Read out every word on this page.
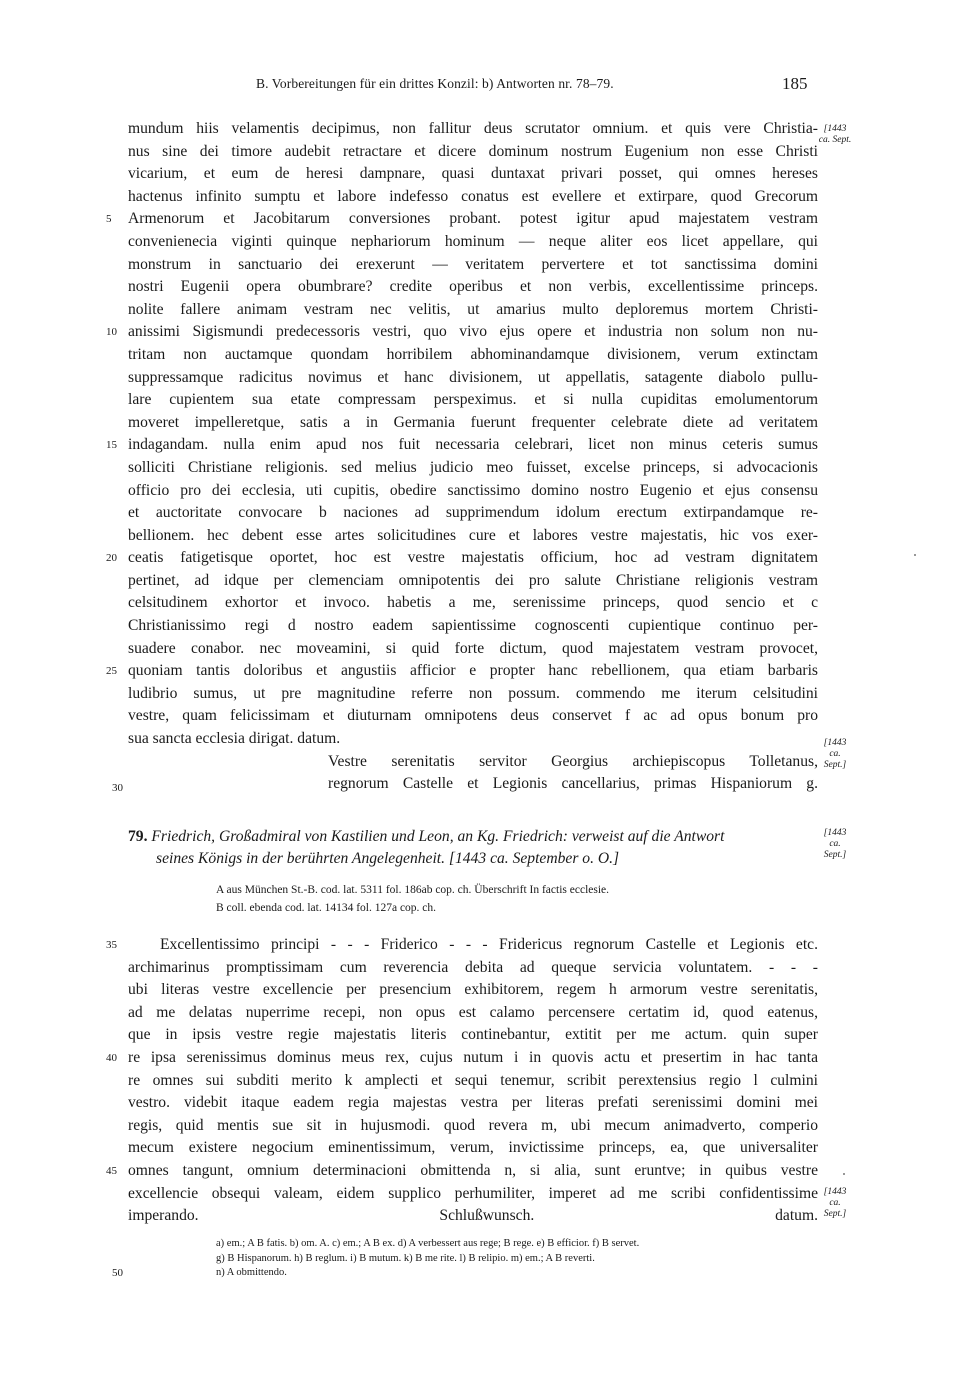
B. Vorbereitungen für ein drittes Konzil: b) Antworten nr. 78–79.	185
[1443 ca. Sept.
[1443 ca. Sept.]
[1443 ca. Sept.]
[1443 ca. Sept.]
mundum hiis velamentis decipimus, non fallitur deus scrutator omnium. et quis vere Christia-
nus sine dei timore audebit retractare et dicere dominum nostrum Eugenium non esse Christi
vicarium, et eum de heresi dampnare, quasi duntaxat privari posset, qui omnes hereses
hactenus infinito sumptu et labore indefesso conatus est evellere et extirpare, quod Grecorum
5 Armenorum et Jacobitarum conversiones probant. potest igitur apud majestatem vestram
convenienecia viginti quinque nephariorum hominum — neque aliter eos licet appellare, qui
monstrum in sanctuario dei erexerunt — veritatem pervertere et tot sanctissima domini
nostri Eugenii opera obumbrare? credite operibus et non verbis, excellentissime princeps.
nolite fallere animam vestram nec velitis, ut amarius multo deploremus mortem Christi-
10 anissimi Sigismundi predecessoris vestri, quo vivo ejus opere et industria non solum non nu-
tritam non auctamque quondam horribilem abhominandamque divisionem, verum extinctam
suppressamque radicitus novimus et hanc divisionem, ut appellatis, satagente diabolo pullu-
lare cupientem sua etate compressam perspeximus. et si nulla cupiditas emolumentorum
moveret impelleretque, satis a in Germania fuerunt frequenter celebrate diete ad veritatem
15 indagandam. nulla enim apud nos fuit necessaria celebrari, licet non minus ceteris sumus
solliciti Christiane religionis. sed melius judicio meo fuisset, excelse princeps, si advocacionis
officio pro dei ecclesia, uti cupitis, obedire sanctissimo domino nostro Eugenio et ejus consensu
et auctoritate convocare b naciones ad supprimendum idolum erectum extirpandamque re-
bellionem. hec debent esse artes solicitudines cure et labores vestre majestatis, hic vos exer-
20 ceatis fatigetisque oportet, hoc est vestre majestatis officium, hoc ad vestram dignitatem
pertinet, ad idque per clemenciam omnipotentis dei pro salute Christiane religionis vestram
celsitudinem exhortor et invoco. habetis a me, serenissime princeps, quod sencio et c
Christianissimo regi d nostro eadem sapientissime cognoscenti cupientique continuo per-
suadere conabor. nec moveamini, si quid forte dictum, quod majestatem vestram provocet,
25 quoniam tantis doloribus et angustiis afficior e propter hanc rebellionem, qua etiam barbaris
ludibrio sumus, ut pre magnitudine referre non possum. commendo me iterum celsitudini
vestre, quam felicissimam et diuturnam omnipotens deus conservet f ac ad opus bonum pro
sua sancta ecclesia dirigat. datum.
Vestre serenitatis servitor Georgius archiepiscopus Tolletanus,
regnorum Castelle et Legionis cancellarius, primas Hispaniorum g.
30
79. Friedrich, Großadmiral von Kastilien und Leon, an Kg. Friedrich: verweist auf die Antwort
seines Königs in der berührten Angelegenheit. [1443 ca. September o. O.]
A aus München St.-B. cod. lat. 5311 fol. 186ab cop. ch. Überschrift In factis ecclesie.
B coll. ebenda cod. lat. 14134 fol. 127a cop. ch.
35	Excellentissimo principi - - - Friderico - - - Fridericus regnorum Castelle et Legionis etc.
archimarinus promptissimam cum reverencia debita ad queque servicia voluntatem. - - -
ubi literas vestre excellencie per presencium exhibitorem, regem h armorum vestre serenitatis,
ad me delatas nuperrime recepi, non opus est calamo percensere certatim id, quod eatenus,
que in ipsis vestre regie majestatis literis continebantur, extitit per me actum. quin super
40 re ipsa serenissimus dominus meus rex, cujus nutum i in quovis actu et presertim in hac tanta
re omnes sui subditi merito k amplecti et sequi tenemur, scribit perextensius regio l culmini
vestro. videbit itaque eadem regia majestas vestra per literas prefati serenissimi domini mei
regis, quid mentis sue sit in hujusmodi. quod revera m, ubi mecum animadverto, comperio
mecum existere negocium eminentissimum, verum, invictissime princeps, ea, que universaliter
45 omnes tangunt, omnium determinacioni obmittenda n, si alia, sunt eruntve; in quibus vestre
excellencie obsequi valeam, eidem supplico perhumiliter, imperet ad me scribi confidentissime
imperando. Schlußwunsch. datum.
a) em.; A B fatis. b) om. A. c) em.; A B ex. d) A verbessert aus rege; B rege. e) B efficior. f) B servet.
g) B Hispanorum. h) B reglum. i) B mutum. k) B me rite. l) B relipio. m) em.; A B reverti.
n) A obmittendo.
50
